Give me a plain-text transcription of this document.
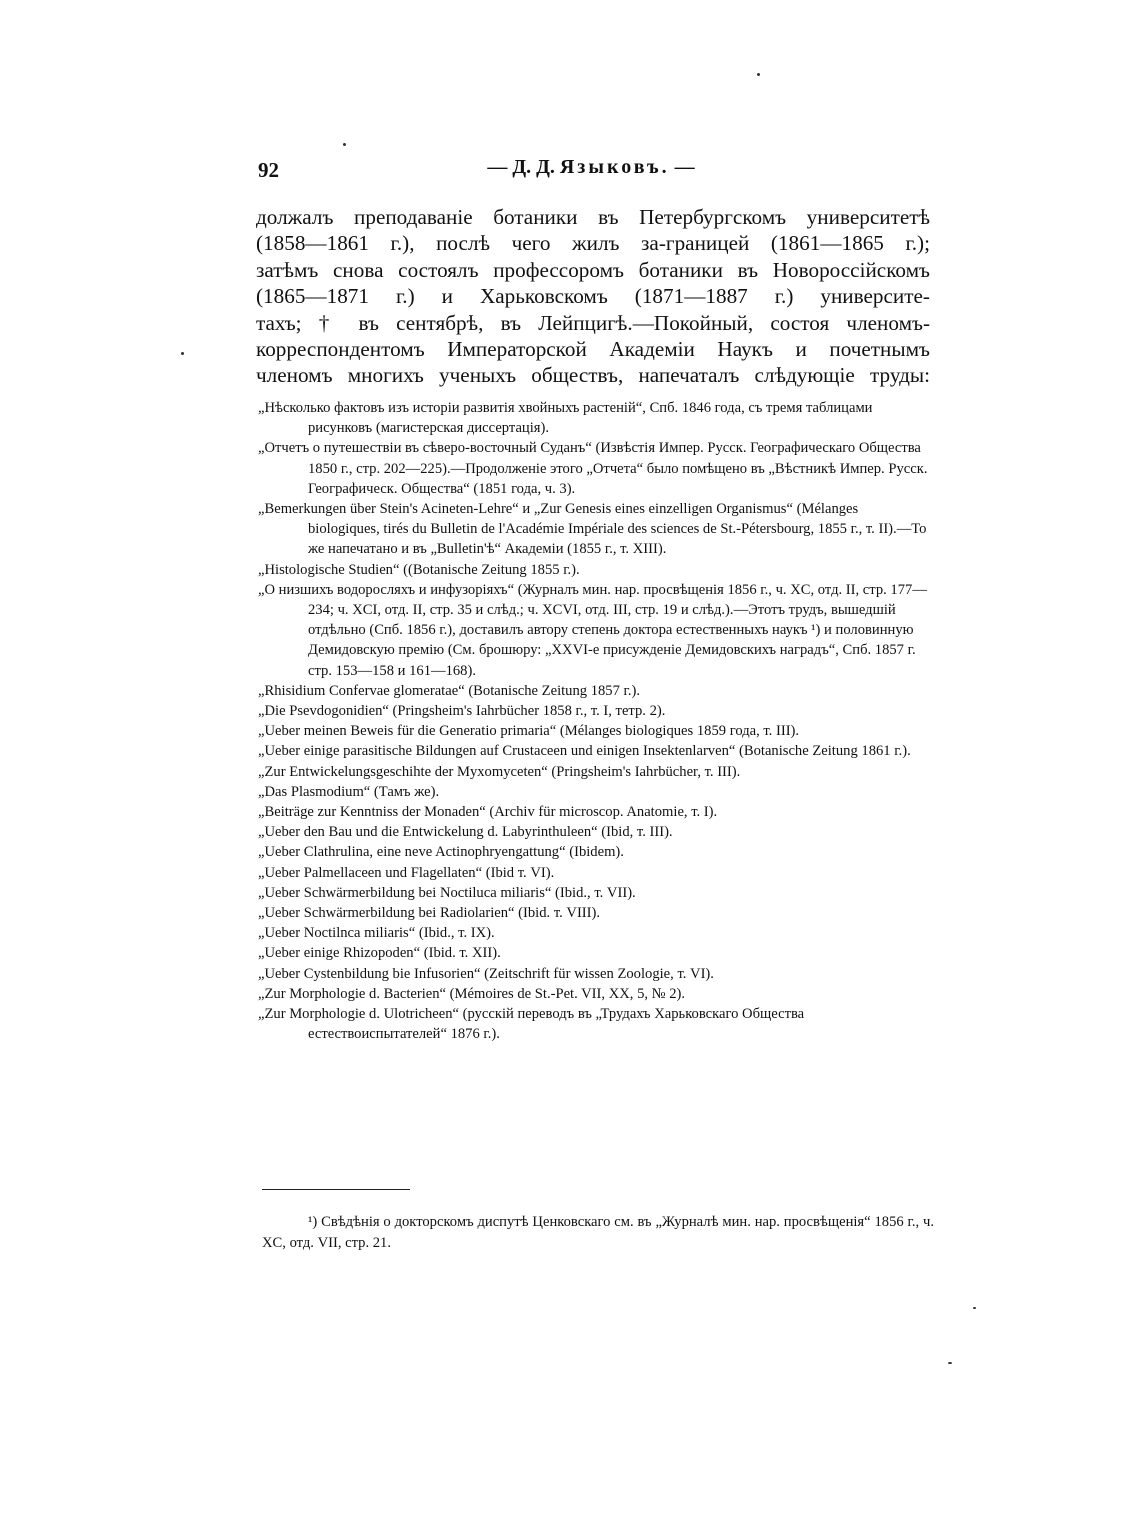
92	— Д. Д. Языковъ. —
должалъ преподаваніе ботаники въ Петербургскомъ университетѣ
(1858—1861 г.), послѣ чего жилъ за-границей (1861—1865 г.);
затѣмъ снова состоялъ профессоромъ ботаники въ Новороссійскомъ
(1865—1871 г.) и Харьковскомъ (1871—1887 г.) университе-
тахъ; † въ сентябрѣ, въ Лейпцигѣ.—Покойный, состоя членомъ-
корреспондентомъ Императорской Академіи Наукъ и почетнымъ
членомъ многихъ ученыхъ обществъ, напечаталъ слѣдующіе труды:

„Нѣсколько фактовъ изъ исторіи развитія хвойныхъ растеній“, Спб. 1846 года, съ тремя таблицами рисунковъ (магистерская диссертація).

„Отчетъ о путешествіи въ сѣверо-восточный Суданъ“ (Извѣстія Импер. Русск. Географическаго Общества 1850 г., стр. 202—225).—Продолженіе этого „Отчета“ было помѣщено въ „Вѣстникѣ Импер. Русск. Географическ. Общества“ (1851 года, ч. 3).

„Bemerkungen über Stein's Acineten-Lehre“ и „Zur Genesis eines einzelligen Organismus“ (Mélanges biologiques, tirés du Bulletin de l'Académie Impériale des sciences de St.-Pétersbourg, 1855 г., т. II).—То же напечатано и въ „Bulletin'ѣ“ Академіи (1855 г., т. XIII).

„Histologische Studien“ ((Botanische Zeitung 1855 г.).

„О низшихъ водоросляхъ и инфузоріяхъ“ (Журналъ мин. нар. просвѣщенія 1856 г., ч. XC, отд. II, стр. 177—234; ч. XCI, отд. II, стр. 35 и слѣд.; ч. XCVI, отд. III, стр. 19 и слѣд.).—Этотъ трудъ, вышедшій отдѣльно (Спб. 1856 г.), доставилъ автору степень доктора естественныхъ наукъ ¹) и половинную Демидовскую премію (См. брошюру: „XXVI-е присужденіе Демидовскихъ наградъ“, Спб. 1857 г. стр. 153—158 и 161—168).

„Rhisidium Confervae glomeratae“ (Botanische Zeitung 1857 г.).

„Die Psevdogonidien“ (Pringsheim's Iahrbücher 1858 г., т. I, тетр. 2).

„Ueber meinen Beweis für die Generatio primaria“ (Mélanges biologiques 1859 года, т. III).

„Ueber einige parasitische Bildungen auf Crustaceen und einigen Insektenlarven“ (Botanische Zeitung 1861 г.).

„Zur Entwickelungsgeschihte der Myxomyceten“ (Pringsheim's Iahrbücher, т. III).

„Das Plasmodium“ (Тамъ же).

„Beiträge zur Kenntniss der Monaden“ (Archiv für microscop. Anatomie, т. I).

„Ueber den Bau und die Entwickelung d. Labyrinthuleen“ (Ibid, т. III).

„Ueber Clathrulina, eine neve Actinophryengattung“ (Ibidem).

„Ueber Palmellaceen und Flagellaten“ (Ibid т. VI).

„Ueber Schwärmerbildung bei Noctiluca miliaris“ (Ibid., т. VII).

„Ueber Schwärmerbildung bei Radiolarien“ (Ibid. т. VIII).

„Ueber Noctilnca miliaris“ (Ibid., т. IX).

„Ueber einige Rhizopoden“ (Ibid. т. XII).

„Ueber Cystenbildung bie Infusorien“ (Zeitschrift für wissen Zoologie, т. VI).

„Zur Morphologie d. Bacterien“ (Mémoires de St.-Pet. VII, XX, 5, № 2).

„Zur Morphologie d. Ulotricheen“ (русскій переводъ въ „Трудахъ Харьковскаго Общества естествоиспытателей“ 1876 г.).

¹) Свѣдѣнія о докторскомъ диспутѣ Ценковскаго см. въ „Журналѣ мин. нар. просвѣщенія“ 1856 г., ч. XC, отд. VII, стр. 21.
